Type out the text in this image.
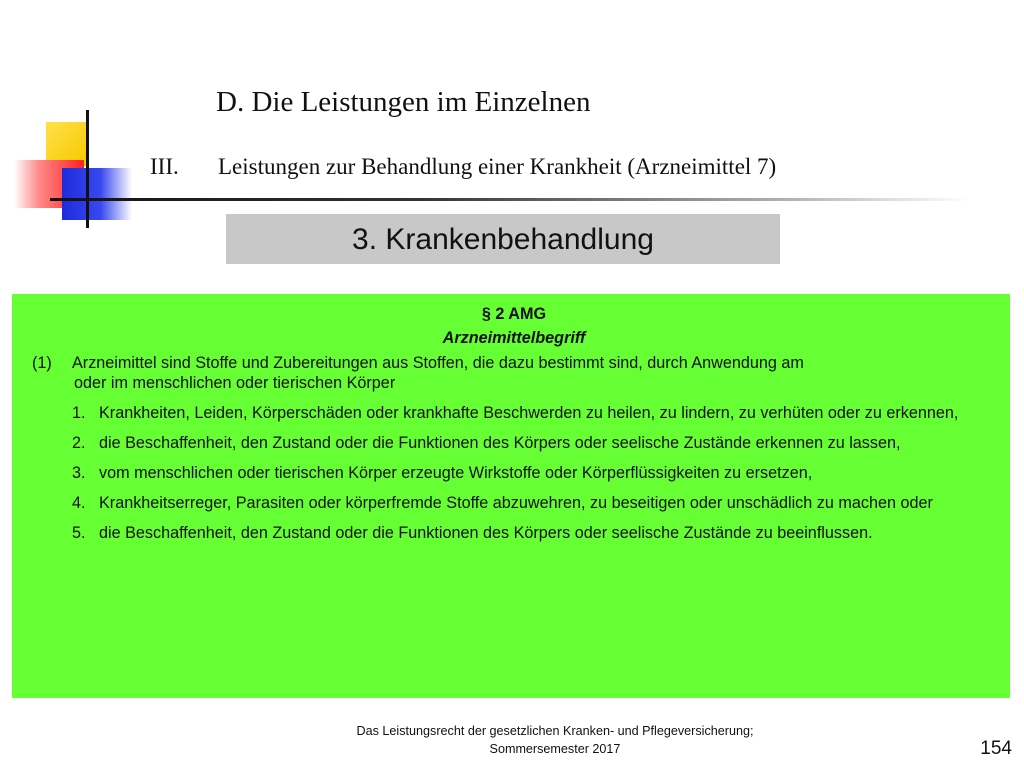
D. Die Leistungen im Einzelnen
III. Leistungen zur Behandlung einer Krankheit (Arzneimittel 7)
3. Krankenbehandlung
§ 2 AMG
Arzneimittelbegriff
(1)	Arzneimittel sind Stoffe und Zubereitungen aus Stoffen, die dazu bestimmt sind, durch Anwendung am
oder im menschlichen oder tierischen Körper
1. Krankheiten, Leiden, Körperschäden oder krankhafte Beschwerden zu heilen, zu lindern, zu verhüten oder zu erkennen,
2. die Beschaffenheit, den Zustand oder die Funktionen des Körpers oder seelische Zustände erkennen zu lassen,
3. vom menschlichen oder tierischen Körper erzeugte Wirkstoffe oder Körperflüssigkeiten zu ersetzen,
4. Krankheitserreger, Parasiten oder körperfremde Stoffe abzuwehren, zu beseitigen oder unschädlich zu machen oder
5. die Beschaffenheit, den Zustand oder die Funktionen des Körpers oder seelische Zustände zu beeinflussen.
Das Leistungsrecht der gesetzlichen Kranken- und Pflegeversicherung;
Sommersemester 2017	154
